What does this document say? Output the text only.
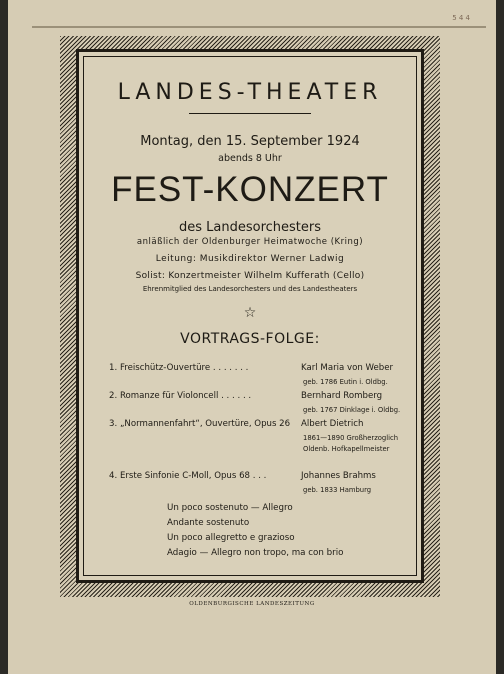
5 4 4
LANDES-THEATER
Montag, den 15. September 1924
abends 8 Uhr
FEST-KONZERT
des Landesorchesters
anläßlich der Oldenburger Heimatwoche (Kring)
Leitung: Musikdirektor Werner Ladwig
Solist: Konzertmeister Wilhelm Kufferath (Cello)
Ehrenmitglied des Landesorchesters und des Landestheaters
☆
VORTRAGS-FOLGE:
1. Freischütz-Ouvertüre . . . . . . .	Karl Maria von Weber
geb. 1786 Eutin i. Oldbg.
2. Romanze für Violoncell . . . . . .	Bernhard Romberg
geb. 1767 Dinklage i. Oldbg.
3. „Normannenfahrt“, Ouvertüre, Opus 26 Albert Dietrich
1861—1890 Großherzoglich
Oldenb. Hofkapellmeister
4. Erste Sinfonie C-Moll, Opus 68 . . .	Johannes Brahms
geb. 1833 Hamburg
Un poco sostenuto — Allegro
Andante sostenuto
Un poco allegretto e grazioso
Adagio — Allegro non tropo, ma con brio
OLDENBURGISCHE LANDESZEITUNG
